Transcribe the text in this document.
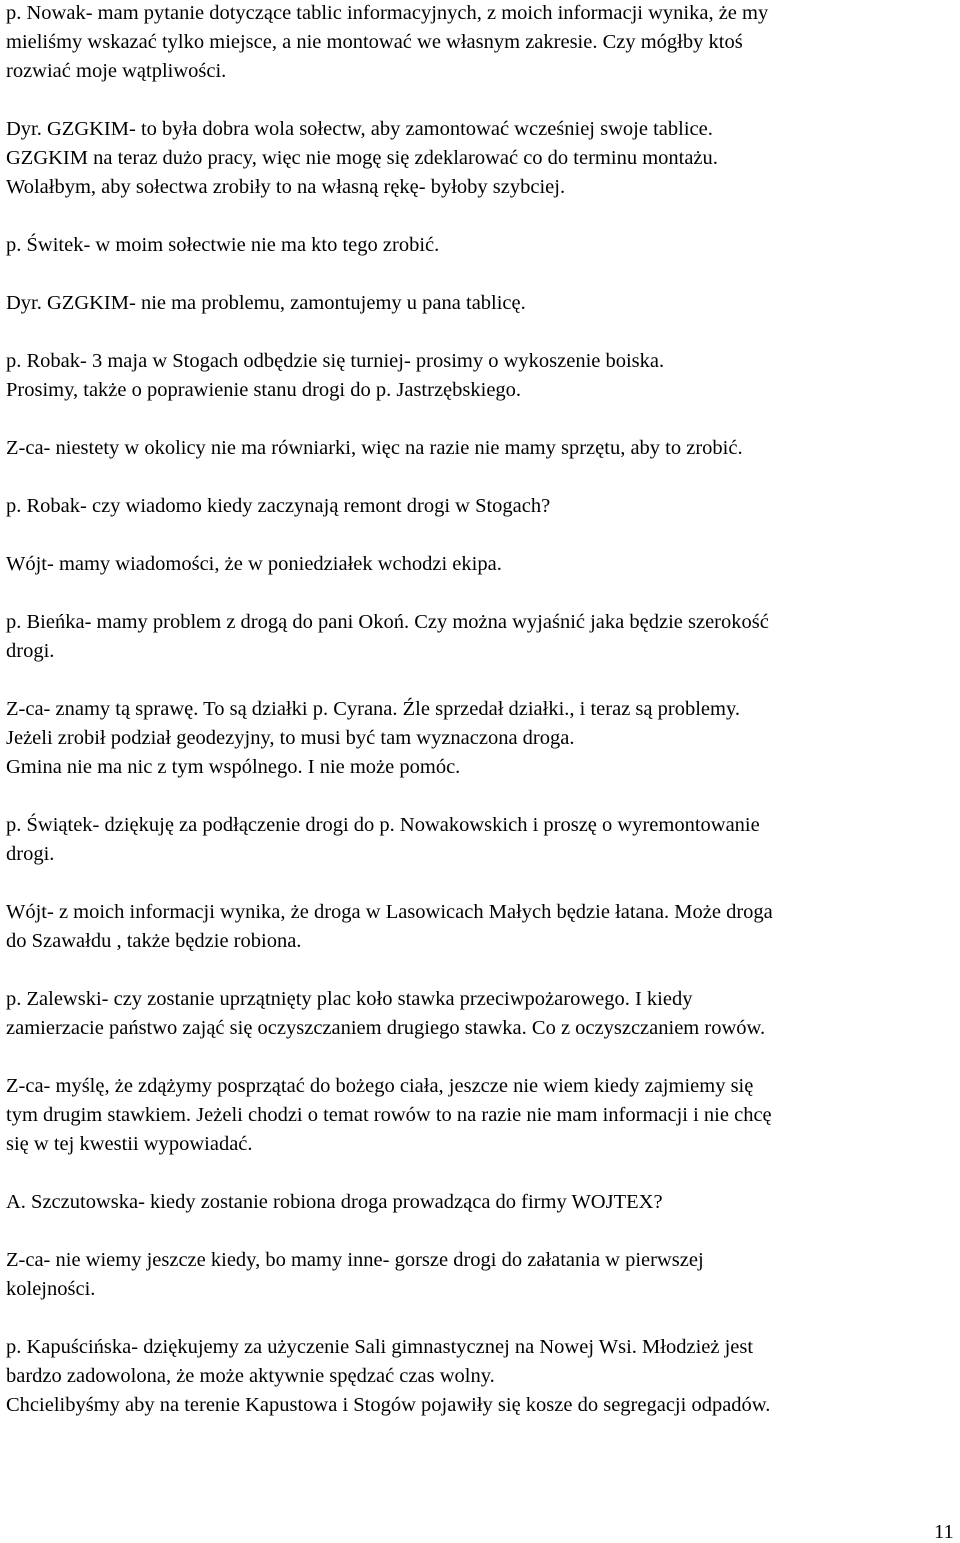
p. Nowak- mam pytanie dotyczące tablic informacyjnych, z moich informacji wynika, że my
mieliśmy wskazać tylko miejsce, a nie montować we własnym zakresie. Czy mógłby ktoś
rozwiać moje wątpliwości.
Dyr. GZGKIM- to była dobra wola sołectw, aby zamontować wcześniej swoje tablice.
GZGKIM na teraz dużo pracy, więc nie mogę się zdeklarować co do terminu montażu.
Wolałbym, aby sołectwa zrobiły to na własną rękę- byłoby szybciej.
p. Świtek- w moim sołectwie nie ma kto tego zrobić.
Dyr. GZGKIM- nie ma problemu, zamontujemy u pana tablicę.
p. Robak- 3 maja w Stogach odbędzie się turniej- prosimy o wykoszenie boiska.
Prosimy, także o poprawienie stanu drogi do p. Jastrzębskiego.
Z-ca- niestety w okolicy nie ma równiarki, więc na razie nie mamy sprzętu, aby to zrobić.
p. Robak- czy wiadomo kiedy zaczynają remont drogi w Stogach?
Wójt- mamy wiadomości, że w poniedziałek wchodzi ekipa.
p. Bieńka- mamy problem z drogą do pani Okoń. Czy można wyjaśnić jaka będzie szerokość
drogi.
Z-ca- znamy tą sprawę. To są działki p. Cyrana. Źle sprzedał działki., i teraz są problemy.
Jeżeli zrobił podział geodezyjny, to musi być tam wyznaczona droga.
Gmina nie ma nic z tym wspólnego. I nie może pomóc.
p. Świątek- dziękuję za podłączenie drogi do p. Nowakowskich i proszę o wyremontowanie
drogi.
Wójt- z moich informacji wynika, że droga w Lasowicach Małych będzie łatana. Może droga
do Szawałdu , także będzie robiona.
p. Zalewski- czy zostanie uprzątnięty plac koło stawka przeciwpożarowego. I kiedy
zamierzacie państwo zająć się oczyszczaniem drugiego stawka. Co z oczyszczaniem rowów.
Z-ca- myślę, że zdążymy posprzątać do bożego ciała, jeszcze nie wiem kiedy zajmiemy się
tym drugim stawkiem. Jeżeli chodzi o temat rowów to na razie nie mam informacji i nie chcę
się w tej kwestii wypowiadać.
A. Szczutowska- kiedy zostanie robiona droga prowadząca do firmy WOJTEX?
Z-ca- nie wiemy jeszcze kiedy, bo mamy inne- gorsze drogi do załatania w pierwszej
kolejności.
p. Kapuścińska- dziękujemy za użyczenie Sali gimnastycznej na Nowej Wsi. Młodzież jest
bardzo zadowolona, że może aktywnie spędzać czas wolny.
Chcielibyśmy aby na terenie Kapustowa i Stogów pojawiły się kosze do segregacji odpadów.
11
